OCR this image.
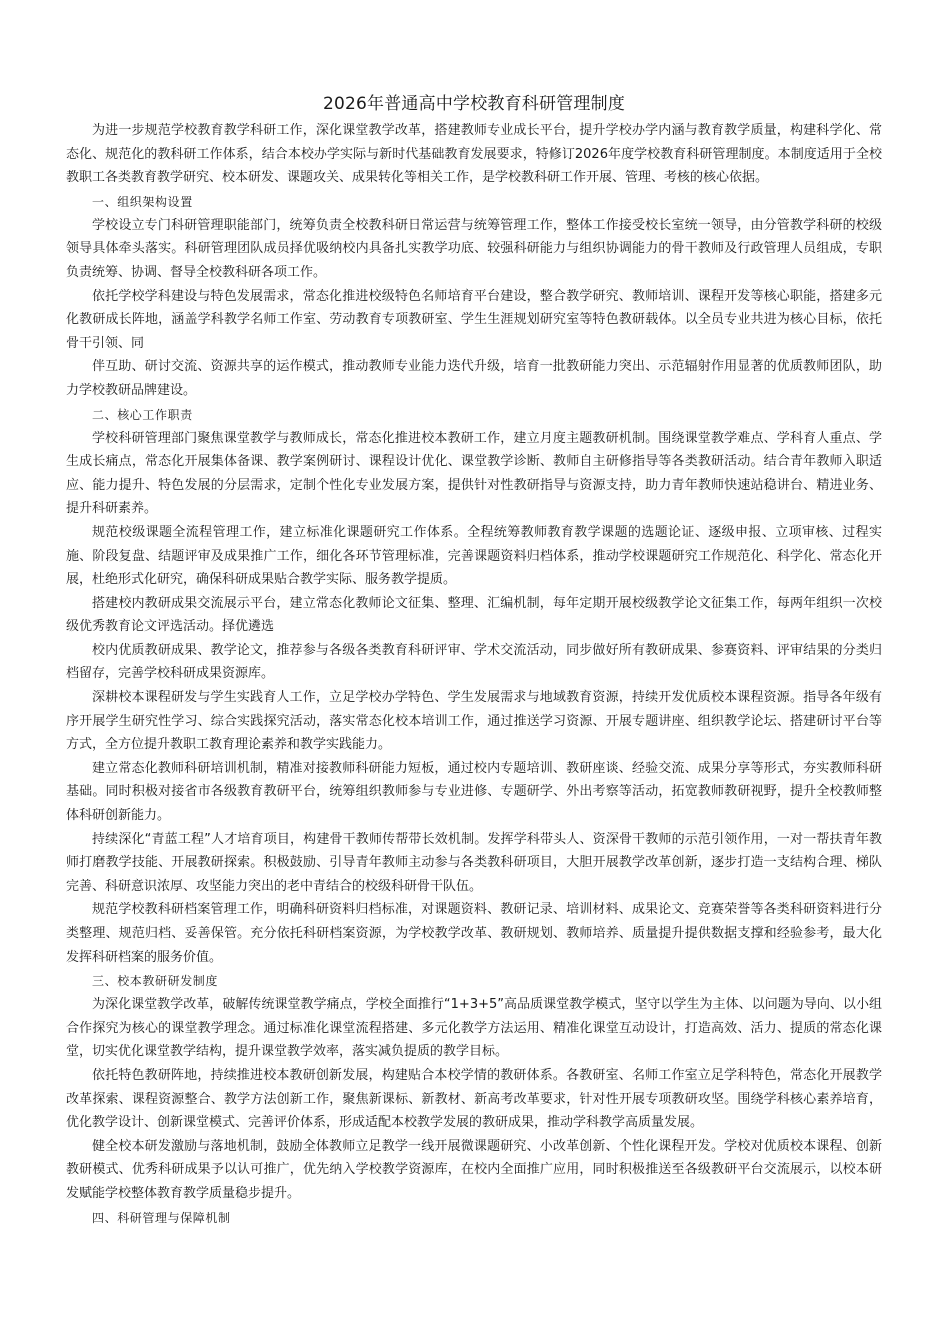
2026年普通高中学校教育科研管理制度

为进一步规范学校教育教学科研工作，深化课堂教学改革，搭建教师专业成长平台，提升学校办学内涵与教育教学质量，构建科学化、常态化、规范化的教科研工作体系，结合本校办学实际与新时代基础教育发展要求，特修订2026年度学校教育科研管理制度。本制度适用于全校教职工各类教育教学研究、校本研发、课题攻关、成果转化等相关工作，是学校教科研工作开展、管理、考核的核心依据。

一、组织架构设置

学校设立专门科研管理职能部门，统筹负责全校教科研日常运营与统筹管理工作，整体工作接受校长室统一领导，由分管教学科研的校级领导具体牵头落实。科研管理团队成员择优吸纳校内具备扎实教学功底、较强科研能力与组织协调能力的骨干教师及行政管理人员组成，专职负责统筹、协调、督导全校教科研各项工作。

依托学校学科建设与特色发展需求，常态化推进校级特色名师培育平台建设，整合教学研究、教师培训、课程开发等核心职能，搭建多元化教研成长阵地，涵盖学科教学名师工作室、劳动教育专项教研室、学生生涯规划研究室等特色教研载体。以全员专业共进为核心目标，依托骨干引领、同

伴互助、研讨交流、资源共享的运作模式，推动教师专业能力迭代升级，培育一批教研能力突出、示范辐射作用显著的优质教师团队，助力学校教研品牌建设。

二、核心工作职责

学校科研管理部门聚焦课堂教学与教师成长，常态化推进校本教研工作，建立月度主题教研机制。围绕课堂教学难点、学科育人重点、学生成长痛点，常态化开展集体备课、教学案例研讨、课程设计优化、课堂教学诊断、教师自主研修指导等各类教研活动。结合青年教师入职适应、能力提升、特色发展的分层需求，定制个性化专业发展方案，提供针对性教研指导与资源支持，助力青年教师快速站稳讲台、精进业务、提升科研素养。

规范校级课题全流程管理工作，建立标准化课题研究工作体系。全程统筹教师教育教学课题的选题论证、逐级申报、立项审核、过程实施、阶段复盘、结题评审及成果推广工作，细化各环节管理标准，完善课题资料归档体系，推动学校课题研究工作规范化、科学化、常态化开展，杜绝形式化研究，确保科研成果贴合教学实际、服务教学提质。

搭建校内教研成果交流展示平台，建立常态化教师论文征集、整理、汇编机制，每年定期开展校级教学论文征集工作，每两年组织一次校级优秀教育论文评选活动。择优遴选

校内优质教研成果、教学论文，推荐参与各级各类教育科研评审、学术交流活动，同步做好所有教研成果、参赛资料、评审结果的分类归档留存，完善学校科研成果资源库。

深耕校本课程研发与学生实践育人工作，立足学校办学特色、学生发展需求与地域教育资源，持续开发优质校本课程资源。指导各年级有序开展学生研究性学习、综合实践探究活动，落实常态化校本培训工作，通过推送学习资源、开展专题讲座、组织教学论坛、搭建研讨平台等方式，全方位提升教职工教育理论素养和教学实践能力。

建立常态化教师科研培训机制，精准对接教师科研能力短板，通过校内专题培训、教研座谈、经验交流、成果分享等形式，夯实教师科研基础。同时积极对接省市各级教育教研平台，统筹组织教师参与专业进修、专题研学、外出考察等活动，拓宽教师教研视野，提升全校教师整体科研创新能力。

持续深化“青蓝工程”人才培育项目，构建骨干教师传帮带长效机制。发挥学科带头人、资深骨干教师的示范引领作用，一对一帮扶青年教师打磨教学技能、开展教研探索。积极鼓励、引导青年教师主动参与各类教科研项目，大胆开展教学改革创新，逐步打造一支结构合理、梯队完善、科研意识浓厚、攻坚能力突出的老中青结合的校级科研骨干队伍。

规范学校教科研档案管理工作，明确科研资料归档标准，对课题资料、教研记录、培训材料、成果论文、竞赛荣誉等各类科研资料进行分类整理、规范归档、妥善保管。充分依托科研档案资源，为学校教学改革、教研规划、教师培养、质量提升提供数据支撑和经验参考，最大化发挥科研档案的服务价值。

三、校本教研研发制度

为深化课堂教学改革，破解传统课堂教学痛点，学校全面推行“1+3+5”高品质课堂教学模式，坚守以学生为主体、以问题为导向、以小组合作探究为核心的课堂教学理念。通过标准化课堂流程搭建、多元化教学方法运用、精准化课堂互动设计，打造高效、活力、提质的常态化课堂，切实优化课堂教学结构，提升课堂教学效率，落实减负提质的教学目标。

依托特色教研阵地，持续推进校本教研创新发展，构建贴合本校学情的教研体系。各教研室、名师工作室立足学科特色，常态化开展教学改革探索、课程资源整合、教学方法创新工作，聚焦新课标、新教材、新高考改革要求，针对性开展专项教研攻坚。围绕学科核心素养培育，优化教学设计、创新课堂模式、完善评价体系，形成适配本校教学发展的教研成果，推动学科教学高质量发展。

健全校本研发激励与落地机制，鼓励全体教师立足教学一线开展微课题研究、小改革创新、个性化课程开发。学校对优质校本课程、创新教研模式、优秀科研成果予以认可推广，优先纳入学校教学资源库，在校内全面推广应用，同时积极推送至各级教研平台交流展示，以校本研发赋能学校整体教育教学质量稳步提升。

四、科研管理与保障机制
